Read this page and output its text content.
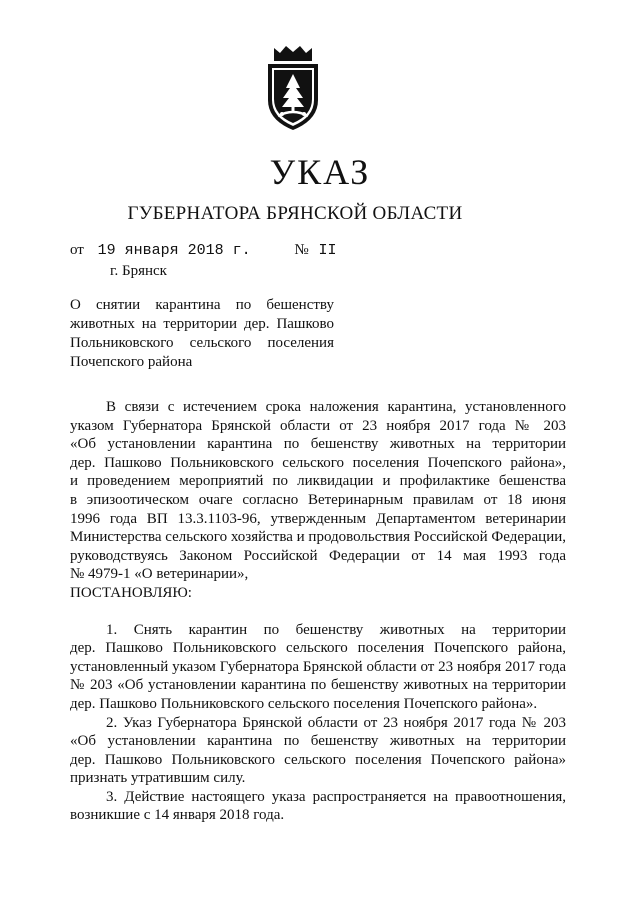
УКАЗ
ГУБЕРНАТОРА БРЯНСКОЙ ОБЛАСТИ
от 19 января 2018 г.	№ II
г. Брянск
О снятии карантина по бешенству
животных на территории дер. Пашково
Польниковского сельского поселения
Почепского района
В связи с истечением срока наложения карантина, установленного
указом Губернатора Брянской области от 23 ноября 2017 года № 203
«Об установлении карантина по бешенству животных на территории
дер. Пашково Польниковского сельского поселения Почепского района»,
и проведением мероприятий по ликвидации и профилактике бешенства
в эпизоотическом очаге согласно Ветеринарным правилам от 18 июня
1996 года ВП 13.3.1103-96, утвержденным Департаментом ветеринарии
Министерства сельского хозяйства и продовольствия Российской Федерации,
руководствуясь Законом Российской Федерации от 14 мая 1993 года
№ 4979-1 «О ветеринарии»,
ПОСТАНОВЛЯЮ:
1. Снять карантин по бешенству животных на территории
дер. Пашково Польниковского сельского поселения Почепского района,
установленный указом Губернатора Брянской области от 23 ноября 2017 года
№ 203 «Об установлении карантина по бешенству животных на территории
дер. Пашково Польниковского сельского поселения Почепского района».
2. Указ Губернатора Брянской области от 23 ноября 2017 года № 203
«Об установлении карантина по бешенству животных на территории
дер. Пашково Польниковского сельского поселения Почепского района»
признать утратившим силу.
3. Действие настоящего указа распространяется на правоотношения,
возникшие с 14 января 2018 года.
